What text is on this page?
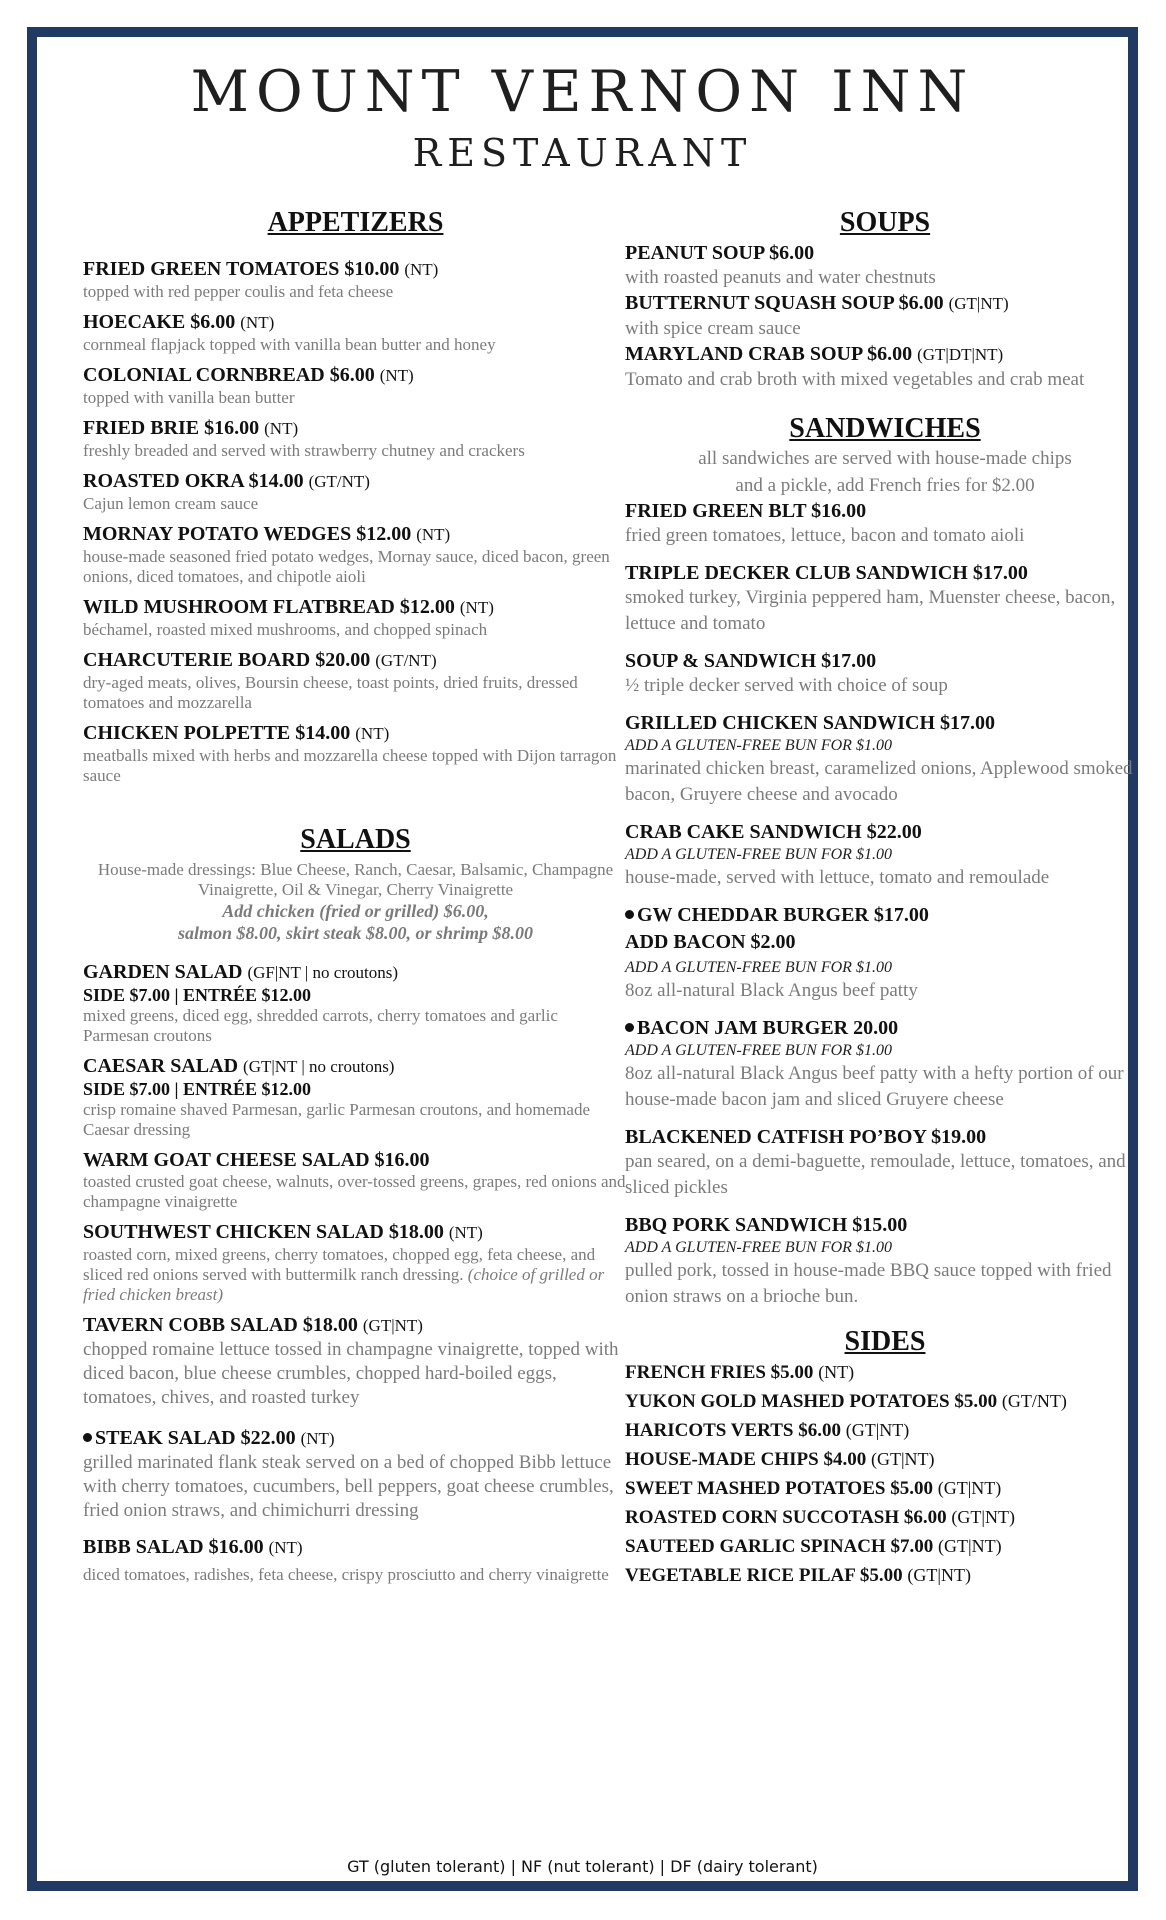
MOUNT VERNON INN
RESTAURANT
APPETIZERS
FRIED GREEN TOMATOES $10.00 (NT)
topped with red pepper coulis and feta cheese
HOECAKE $6.00 (NT)
cornmeal flapjack topped with vanilla bean butter and honey
COLONIAL CORNBREAD $6.00 (NT)
topped with vanilla bean butter
FRIED BRIE $16.00 (NT)
freshly breaded and served with strawberry chutney and crackers
ROASTED OKRA $14.00 (GT/NT)
Cajun lemon cream sauce
MORNAY POTATO WEDGES $12.00 (NT)
house-made seasoned fried potato wedges, Mornay sauce, diced bacon, green onions, diced tomatoes, and chipotle aioli
WILD MUSHROOM FLATBREAD $12.00 (NT)
béchamel, roasted mixed mushrooms, and chopped spinach
CHARCUTERIE BOARD $20.00 (GT/NT)
dry-aged meats, olives, Boursin cheese, toast points, dried fruits, dressed tomatoes and mozzarella
CHICKEN POLPETTE $14.00 (NT)
meatballs mixed with herbs and mozzarella cheese topped with Dijon tarragon sauce
SALADS
House-made dressings: Blue Cheese, Ranch, Caesar, Balsamic, Champagne Vinaigrette, Oil & Vinegar, Cherry Vinaigrette
Add chicken (fried or grilled) $6.00,
salmon $8.00, skirt steak $8.00, or shrimp $8.00
GARDEN SALAD (GF|NT | no croutons)
SIDE $7.00 | ENTRÉE $12.00
mixed greens, diced egg, shredded carrots, cherry tomatoes and garlic Parmesan croutons
CAESAR SALAD (GT|NT | no croutons)
SIDE $7.00 | ENTRÉE $12.00
crisp romaine shaved Parmesan, garlic Parmesan croutons, and homemade Caesar dressing
WARM GOAT CHEESE SALAD $16.00
toasted crusted goat cheese, walnuts, over-tossed greens, grapes, red onions and champagne vinaigrette
SOUTHWEST CHICKEN SALAD $18.00 (NT)
roasted corn, mixed greens, cherry tomatoes, chopped egg, feta cheese, and sliced red onions served with buttermilk ranch dressing. (choice of grilled or fried chicken breast)
TAVERN COBB SALAD $18.00 (GT|NT)
chopped romaine lettuce tossed in champagne vinaigrette, topped with diced bacon, blue cheese crumbles, chopped hard-boiled eggs, tomatoes, chives, and roasted turkey
STEAK SALAD $22.00 (NT)
grilled marinated flank steak served on a bed of chopped Bibb lettuce with cherry tomatoes, cucumbers, bell peppers, goat cheese crumbles, fried onion straws, and chimichurri dressing
BIBB SALAD $16.00 (NT)
diced tomatoes, radishes, feta cheese, crispy prosciutto and cherry vinaigrette
SOUPS
PEANUT SOUP $6.00
with roasted peanuts and water chestnuts
BUTTERNUT SQUASH SOUP $6.00 (GT|NT)
with spice cream sauce
MARYLAND CRAB SOUP $6.00 (GT|DT|NT)
Tomato and crab broth with mixed vegetables and crab meat
SANDWICHES
all sandwiches are served with house-made chips
and a pickle, add French fries for $2.00
FRIED GREEN BLT $16.00
fried green tomatoes, lettuce, bacon and tomato aioli
TRIPLE DECKER CLUB SANDWICH $17.00
smoked turkey, Virginia peppered ham, Muenster cheese, bacon, lettuce and tomato
SOUP & SANDWICH $17.00
½ triple decker served with choice of soup
GRILLED CHICKEN SANDWICH $17.00
ADD A GLUTEN-FREE BUN FOR $1.00
marinated chicken breast, caramelized onions, Applewood smoked bacon, Gruyere cheese and avocado
CRAB CAKE SANDWICH $22.00
ADD A GLUTEN-FREE BUN FOR $1.00
house-made, served with lettuce, tomato and remoulade
GW CHEDDAR BURGER $17.00
ADD BACON $2.00
ADD A GLUTEN-FREE BUN FOR $1.00
8oz all-natural Black Angus beef patty
BACON JAM BURGER 20.00
ADD A GLUTEN-FREE BUN FOR $1.00
8oz all-natural Black Angus beef patty with a hefty portion of our house-made bacon jam and sliced Gruyere cheese
BLACKENED CATFISH PO’BOY $19.00
pan seared, on a demi-baguette, remoulade, lettuce, tomatoes, and sliced pickles
BBQ PORK SANDWICH $15.00
ADD A GLUTEN-FREE BUN FOR $1.00
pulled pork, tossed in house-made BBQ sauce topped with fried onion straws on a brioche bun.
SIDES
FRENCH FRIES $5.00 (NT)
YUKON GOLD MASHED POTATOES $5.00 (GT/NT)
HARICOTS VERTS $6.00 (GT|NT)
HOUSE-MADE CHIPS $4.00 (GT|NT)
SWEET MASHED POTATOES $5.00 (GT|NT)
ROASTED CORN SUCCOTASH $6.00 (GT|NT)
SAUTEED GARLIC SPINACH $7.00 (GT|NT)
VEGETABLE RICE PILAF $5.00 (GT|NT)
GT (gluten tolerant) | NF (nut tolerant) | DF (dairy tolerant)
